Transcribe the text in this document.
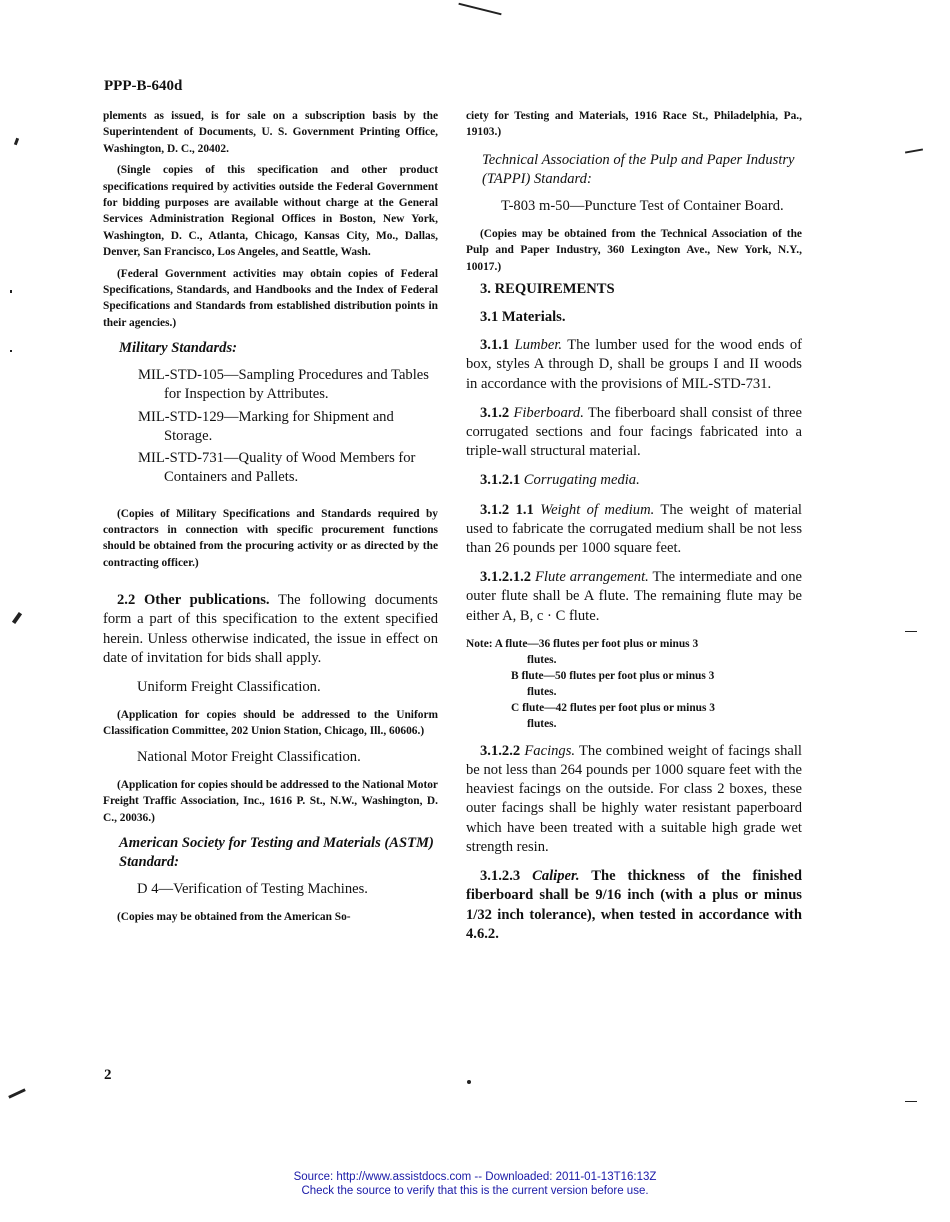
PPP-B-640d

plements as issued, is for sale on a subscription basis by the Superintendent of Documents, U. S. Government Printing Office, Washington, D. C., 20402.

(Single copies of this specification and other product specifications required by activities outside the Federal Government for bidding purposes are available without charge at the General Services Administration Regional Offices in Boston, New York, Washington, D. C., Atlanta, Chicago, Kansas City, Mo., Dallas, Denver, San Francisco, Los Angeles, and Seattle, Wash.

(Federal Government activities may obtain copies of Federal Specifications, Standards, and Handbooks and the Index of Federal Specifications and Standards from established distribution points in their agencies.)

Military Standards:

MIL-STD-105—Sampling Procedures and Tables for Inspection by Attributes.

MIL-STD-129—Marking for Shipment and Storage.

MIL-STD-731—Quality of Wood Members for Containers and Pallets.

(Copies of Military Specifications and Standards required by contractors in connection with specific procurement functions should be obtained from the procuring activity or as directed by the contracting officer.)

2.2 Other publications. The following documents form a part of this specification to the extent specified herein. Unless otherwise indicated, the issue in effect on date of invitation for bids shall apply.

Uniform Freight Classification.

(Application for copies should be addressed to the Uniform Classification Committee, 202 Union Station, Chicago, Ill., 60606.)

National Motor Freight Classification.

(Application for copies should be addressed to the National Motor Freight Traffic Association, Inc., 1616 P. St., N.W., Washington, D. C., 20036.)

American Society for Testing and Materials (ASTM) Standard:

D 4—Verification of Testing Machines.

(Copies may be obtained from the American So-

ciety for Testing and Materials, 1916 Race St., Philadelphia, Pa., 19103.)

Technical Association of the Pulp and Paper Industry (TAPPI) Standard:

T-803 m-50—Puncture Test of Container Board.

(Copies may be obtained from the Technical Association of the Pulp and Paper Industry, 360 Lexington Ave., New York, N.Y., 10017.)

3. REQUIREMENTS

3.1 Materials.

3.1.1 Lumber. The lumber used for the wood ends of box, styles A through D, shall be groups I and II woods in accordance with the provisions of MIL-STD-731.

3.1.2 Fiberboard. The fiberboard shall consist of three corrugated sections and four facings fabricated into a triple-wall structural material.

3.1.2.1 Corrugating media.

3.1.2 1.1 Weight of medium. The weight of material used to fabricate the corrugated medium shall be not less than 26 pounds per 1000 square feet.

3.1.2.1.2 Flute arrangement. The intermediate and one outer flute shall be A flute. The remaining flute may be either A, B, c · C flute.

Note: A flute—36 flutes per foot plus or minus 3
flutes.
B flute—50 flutes per foot plus or minus 3
flutes.
C flute—42 flutes per foot plus or minus 3
flutes.

3.1.2.2 Facings. The combined weight of facings shall be not less than 264 pounds per 1000 square feet with the heaviest facings on the outside. For class 2 boxes, these outer facings shall be highly water resistant paperboard which have been treated with a suitable high grade wet strength resin.

3.1.2.3 Caliper. The thickness of the finished fiberboard shall be 9/16 inch (with a plus or minus 1/32 inch tolerance), when tested in accordance with 4.6.2.

2
Source: http://www.assistdocs.com -- Downloaded: 2011-01-13T16:13Z
Check the source to verify that this is the current version before use.
